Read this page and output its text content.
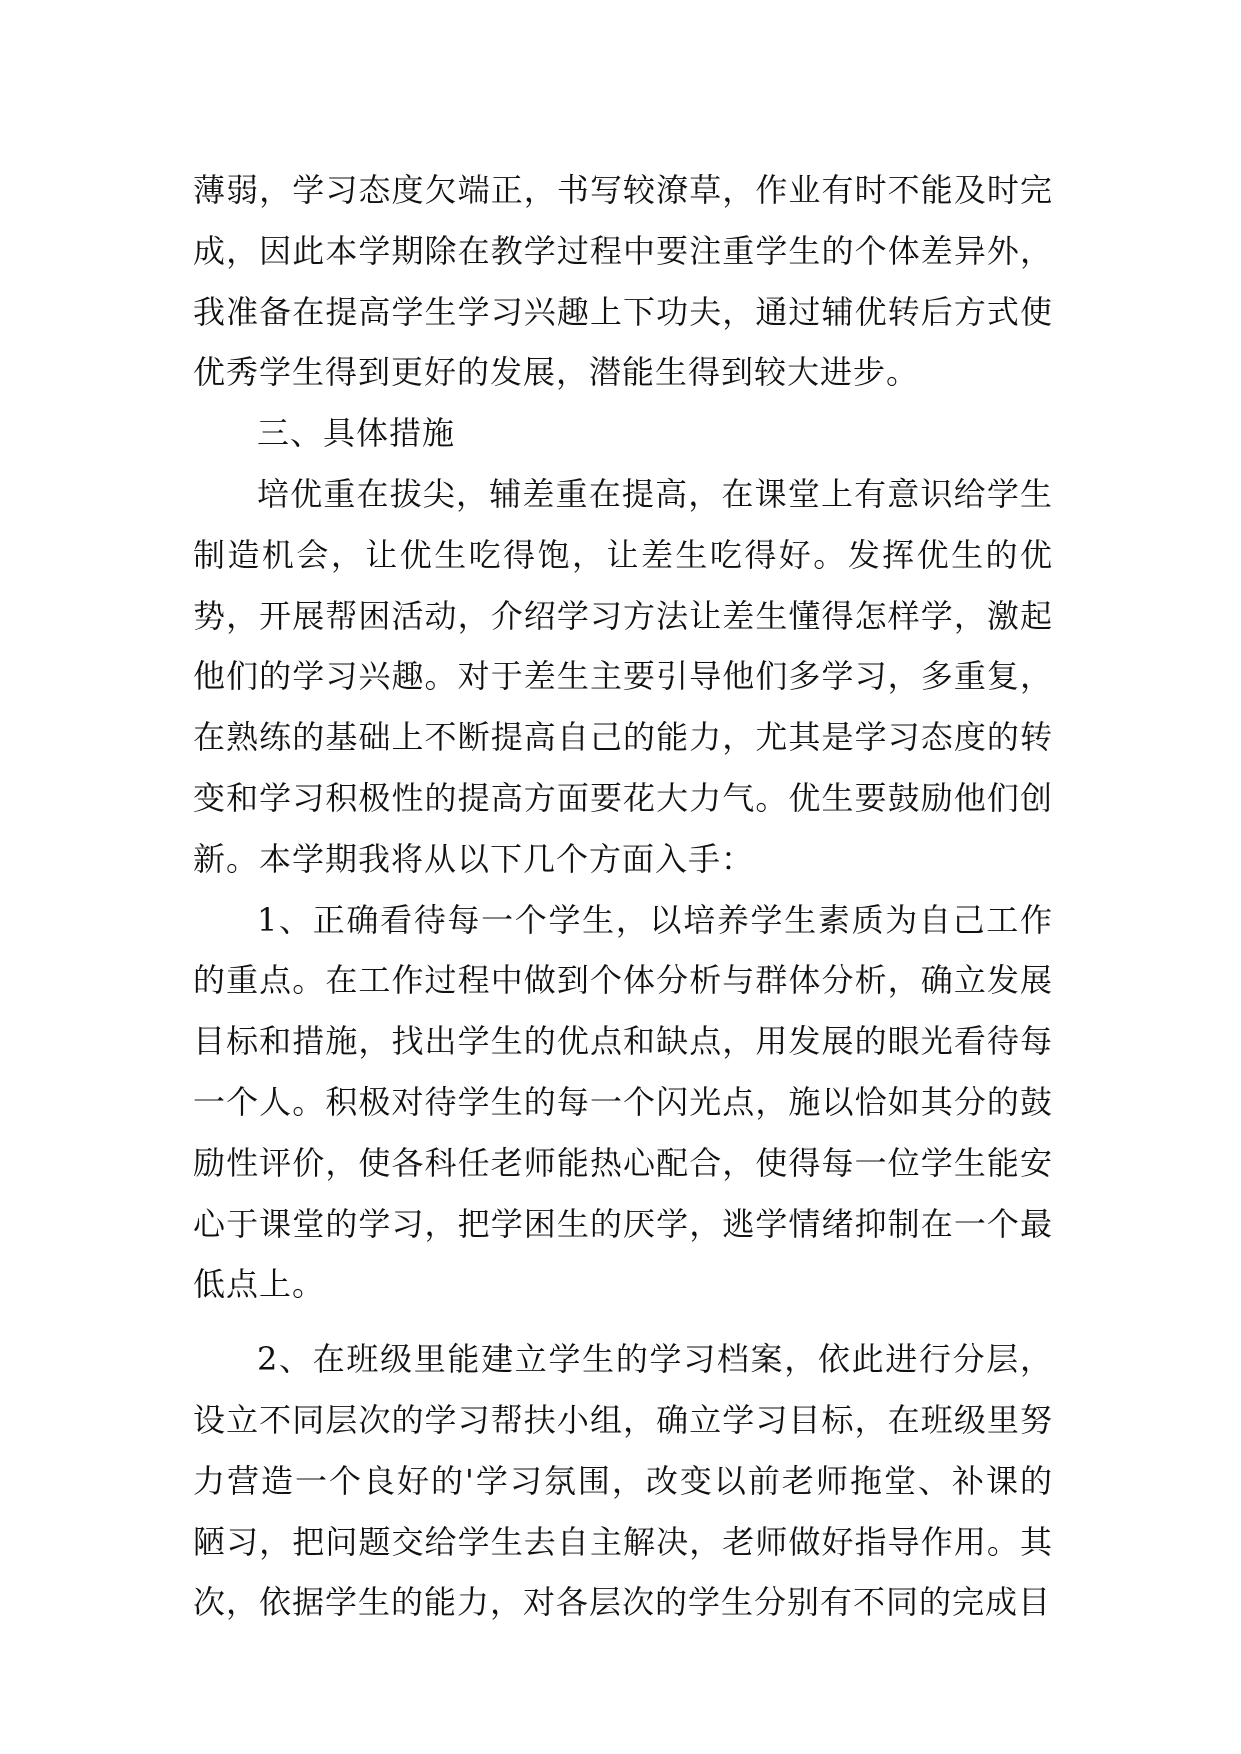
薄弱，学习态度欠端正，书写较潦草，作业有时不能及时完成，因此本学期除在教学过程中要注重学生的个体差异外，我准备在提高学生学习兴趣上下功夫，通过辅优转后方式使优秀学生得到更好的发展，潜能生得到较大进步。

三、具体措施

培优重在拔尖，辅差重在提高，在课堂上有意识给学生制造机会，让优生吃得饱，让差生吃得好。发挥优生的优势，开展帮困活动，介绍学习方法让差生懂得怎样学，激起他们的学习兴趣。对于差生主要引导他们多学习，多重复，在熟练的基础上不断提高自己的能力，尤其是学习态度的转变和学习积极性的提高方面要花大力气。优生要鼓励他们创新。本学期我将从以下几个方面入手：

1、正确看待每一个学生，以培养学生素质为自己工作的重点。在工作过程中做到个体分析与群体分析，确立发展目标和措施，找出学生的优点和缺点，用发展的眼光看待每一个人。积极对待学生的每一个闪光点，施以恰如其分的鼓励性评价，使各科任老师能热心配合，使得每一位学生能安心于课堂的学习，把学困生的厌学，逃学情绪抑制在一个最低点上。

2、在班级里能建立学生的学习档案，依此进行分层，设立不同层次的学习帮扶小组，确立学习目标，在班级里努力营造一个良好的'学习氛围，改变以前老师拖堂、补课的陋习，把问题交给学生去自主解决，老师做好指导作用。其次，依据学生的能力，对各层次的学生分别有不同的完成目
